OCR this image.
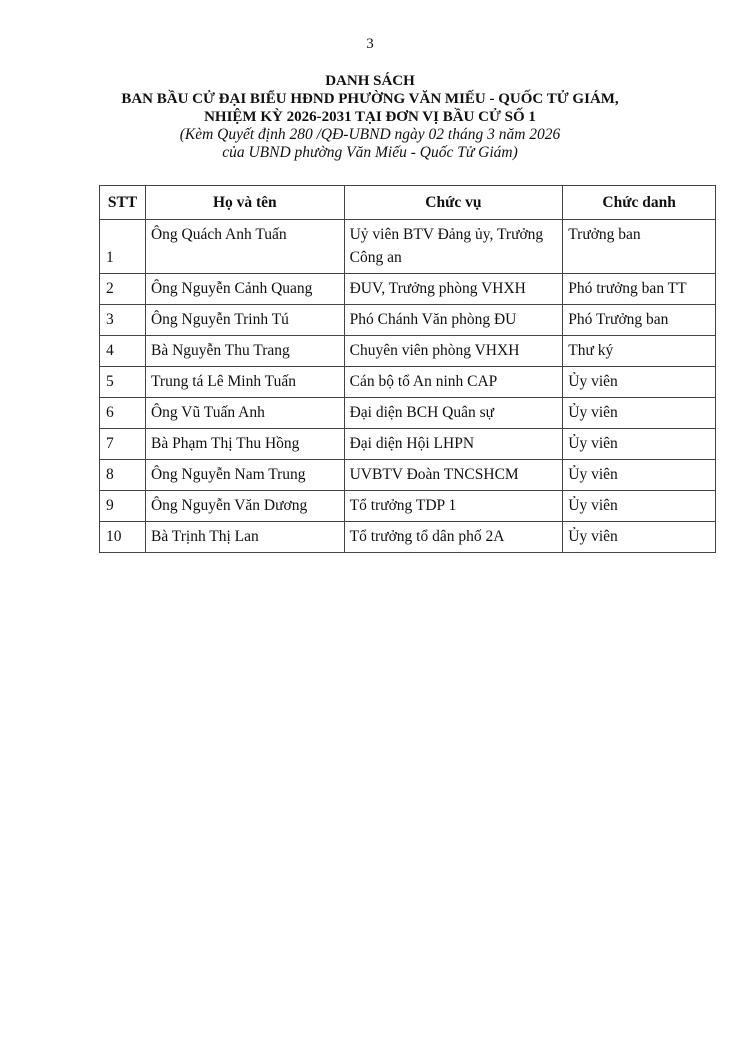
3
DANH SÁCH
BAN BẦU CỬ ĐẠI BIỂU HĐND PHƯỜNG VĂN MIẾU - QUỐC TỬ GIÁM,
NHIỆM KỲ 2026-2031 TẠI ĐƠN VỊ BẦU CỬ SỐ 1
(Kèm Quyết định 280 /QĐ-UBND ngày 02 tháng 3 năm 2026
của UBND phường Văn Miếu - Quốc Tử Giám)
STT	Họ và tên	Chức vụ	Chức danh
1	Ông Quách Anh Tuấn	Uỷ viên BTV Đảng ủy, Trưởng Công an	Trưởng ban
2	Ông Nguyễn Cảnh Quang	ĐUV, Trưởng phòng VHXH	Phó trưởng ban TT
3	Ông Nguyễn Trinh Tú	Phó Chánh Văn phòng ĐU	Phó Trưởng ban
4	Bà Nguyễn Thu Trang	Chuyên viên phòng VHXH	Thư ký
5	Trung tá Lê Minh Tuấn	Cán bộ tổ An ninh CAP	Ủy viên
6	Ông Vũ Tuấn Anh	Đại diện BCH Quân sự	Ủy viên
7	Bà Phạm Thị Thu Hồng	Đại diện Hội LHPN	Ủy viên
8	Ông Nguyễn Nam Trung	UVBTV Đoàn TNCSHCM	Ủy viên
9	Ông Nguyễn Văn Dương	Tổ trưởng TDP 1	Ủy viên
10	Bà Trịnh Thị Lan	Tổ trưởng tổ dân phố 2A	Ủy viên
